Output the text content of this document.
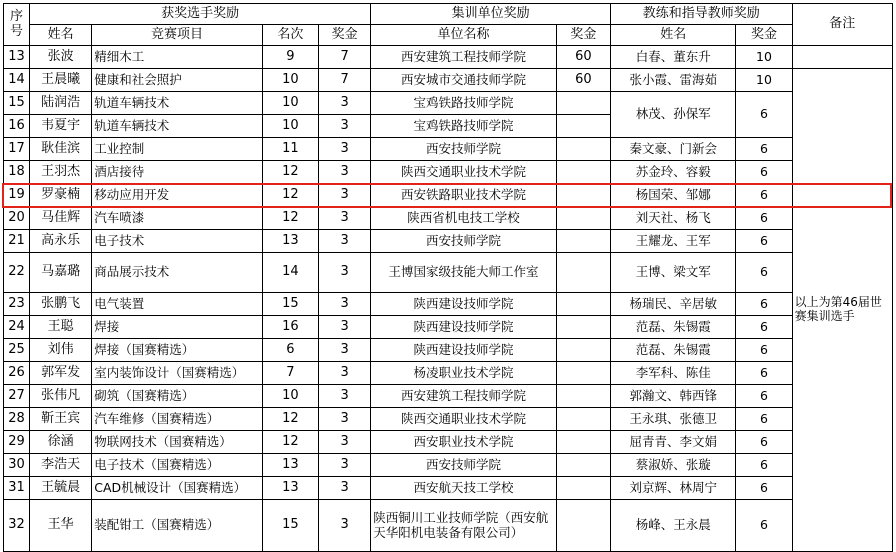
序
号	获奖选手奖励				集训单位奖励		教练和指导教师奖励		备注
	姓名	竞赛项目	名次	奖金	单位名称	奖金	姓名	奖金	
13	张波	精细木工	9	7	西安建筑工程技师学院	60	白春、董东升	10	
14	王晨曦	健康和社会照护	10	7	西安城市交通技师学院	60	张小霞、雷海茹	10	以上为第46届世赛集训选手
15	陆润浩	轨道车辆技术	10	3	宝鸡铁路技师学院		林茂、孙保军	6	
16	韦夏宇	轨道车辆技术	10	3	宝鸡铁路技师学院				
17	耿佳滨	工业控制	11	3	西安技师学院		秦文豪、门新会	6	
18	王羽杰	酒店接待	12	3	陕西交通职业技术学院		苏金玲、容毅	6	
19	罗豪楠	移动应用开发	12	3	西安铁路职业技术学院		杨国荣、邹娜	6	
20	马佳辉	汽车喷漆	12	3	陕西省机电技工学校		刘天社、杨飞	6	
21	高永乐	电子技术	13	3	西安技师学院		王耀龙、王军	6	
22	马嘉璐	商品展示技术	14	3	王博国家级技能大师工作室		王博、梁文军	6	
23	张鹏飞	电气装置	15	3	陕西建设技师学院		杨瑞民、辛居敏	6	
24	王聪	焊接	16	3	陕西建设技师学院		范磊、朱锡霞	6	
25	刘伟	焊接（国赛精选）	6	3	陕西建设技师学院		范磊、朱锡霞	6	
26	郭军发	室内装饰设计（国赛精选）	7	3	杨凌职业技术学院		李军科、陈佳	6	
27	张伟凡	砌筑（国赛精选）	10	3	西安建筑工程技师学院		郭瀚文、韩西锋	6	
28	靳王宾	汽车维修（国赛精选）	12	3	陕西交通职业技术学院		王永琪、张德卫	6	
29	徐涵	物联网技术（国赛精选）	12	3	西安职业技术学院		屈青青、李文娟	6	
30	李浩天	电子技术（国赛精选）	13	3	西安技师学院		蔡淑娇、张璇	6	
31	王毓晨	CAD机械设计（国赛精选）	13	3	西安航天技工学校		刘京辉、林周宁	6	
32	王华	装配钳工（国赛精选）	15	3	陕西铜川工业技师学院（西安航天华阳机电装备有限公司）		杨峰、王永晨	6	
